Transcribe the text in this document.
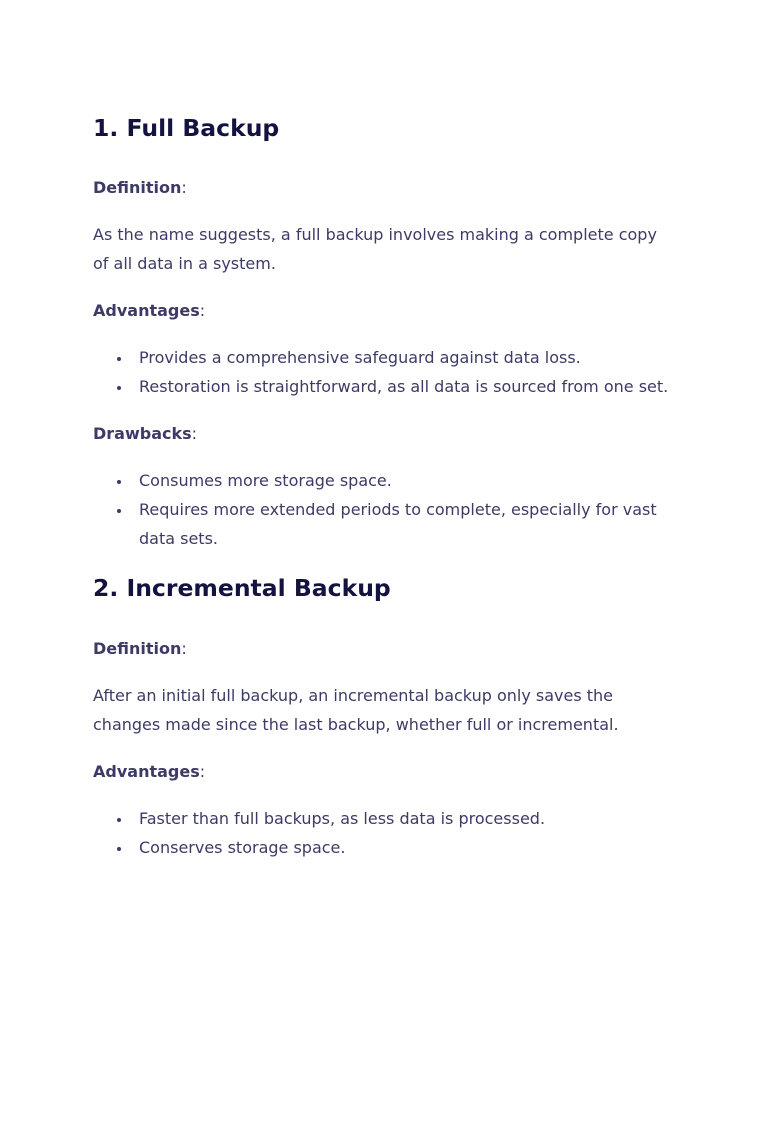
1. Full Backup

Definition:

As the name suggests, a full backup involves making a complete copy of all data in a system.

Advantages:

Provides a comprehensive safeguard against data loss.
Restoration is straightforward, as all data is sourced from one set.

Drawbacks:

Consumes more storage space.
Requires more extended periods to complete, especially for vast data sets.
2. Incremental Backup

Definition:

After an initial full backup, an incremental backup only saves the changes made since the last backup, whether full or incremental.

Advantages:

Faster than full backups, as less data is processed.
Conserves storage space.
